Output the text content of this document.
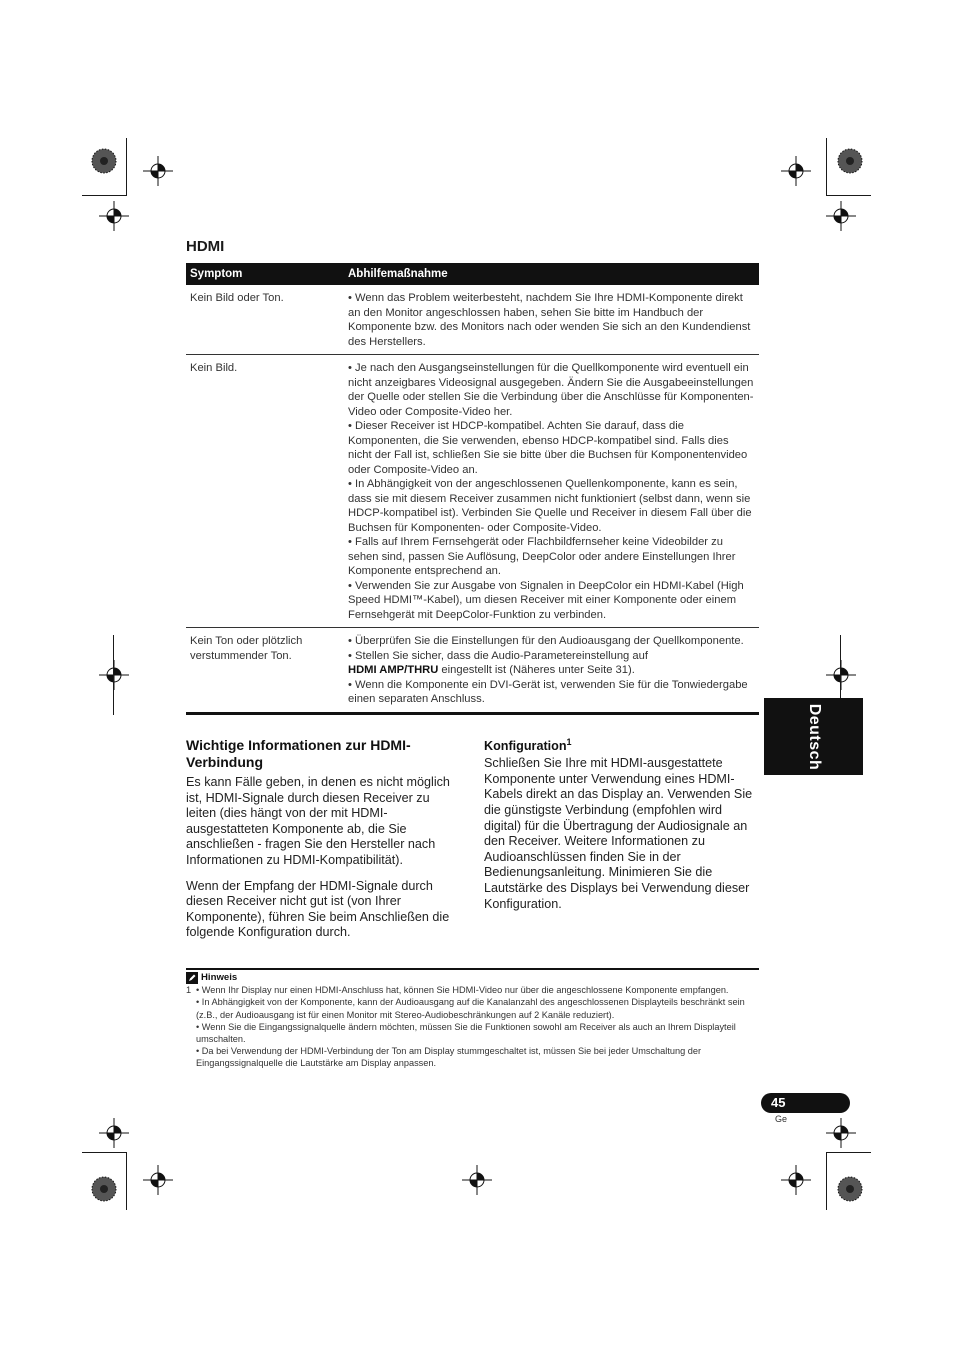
HDMI
Symptom	Abhilfemaßnahme
Kein Bild oder Ton.	• Wenn das Problem weiterbesteht, nachdem Sie Ihre HDMI-Komponente direkt an den Monitor angeschlossen haben, sehen Sie bitte im Handbuch der Komponente bzw. des Monitors nach oder wenden Sie sich an den Kundendienst des Herstellers.

Kein Bild.	• Je nach den Ausgangseinstellungen für die Quellkomponente wird eventuell ein nicht anzeigbares Videosignal ausgegeben. Ändern Sie die Ausgabeeinstellungen der Quelle oder stellen Sie die Verbindung über die Anschlüsse für Komponenten-Video oder Composite-Video her.
• Dieser Receiver ist HDCP-kompatibel. Achten Sie darauf, dass die Komponenten, die Sie verwenden, ebenso HDCP-kompatibel sind. Falls dies nicht der Fall ist, schließen Sie sie bitte über die Buchsen für Komponentenvideo oder Composite-Video an.
• In Abhängigkeit von der angeschlossenen Quellenkomponente, kann es sein, dass sie mit diesem Receiver zusammen nicht funktioniert (selbst dann, wenn sie HDCP-kompatibel ist). Verbinden Sie Quelle und Receiver in diesem Fall über die Buchsen für Komponenten- oder Composite-Video.
• Falls auf Ihrem Fernsehgerät oder Flachbildfernseher keine Videobilder zu sehen sind, passen Sie Auflösung, DeepColor oder andere Einstellungen Ihrer Komponente entsprechend an.
• Verwenden Sie zur Ausgabe von Signalen in DeepColor ein HDMI-Kabel (High Speed HDMI™-Kabel), um diesen Receiver mit einer Komponente oder einem Fernsehgerät mit DeepColor-Funktion zu verbinden.

Kein Ton oder plötzlich verstummender Ton.	• Überprüfen Sie die Einstellungen für den Audioausgang der Quellkomponente.
• Stellen Sie sicher, dass die Audio-Parametereinstellung auf
HDMI AMP/THRU eingestellt ist (Näheres unter Seite 31).
• Wenn die Komponente ein DVI-Gerät ist, verwenden Sie für die Tonwiedergabe einen separaten Anschluss.
Deutsch
Wichtige Informationen zur HDMI-Verbindung

Es kann Fälle geben, in denen es nicht möglich ist, HDMI-Signale durch diesen Receiver zu leiten (dies hängt von der mit HDMI-ausgestatteten Komponente ab, die Sie anschließen - fragen Sie den Hersteller nach Informationen zu HDMI-Kompatibilität).

Wenn der Empfang der HDMI-Signale durch diesen Receiver nicht gut ist (von Ihrer Komponente), führen Sie beim Anschließen die folgende Konfiguration durch.

Konfiguration$^1$

Schließen Sie Ihre mit HDMI-ausgestattete Komponente unter Verwendung eines HDMI-Kabels direkt an das Display an. Verwenden Sie die günstigste Verbindung (empfohlen wird digital) für die Übertragung der Audiosignale an den Receiver. Weitere Informationen zu Audioanschlüssen finden Sie in der Bedienungsanleitung. Minimieren Sie die Lautstärke des Displays bei Verwendung dieser Konfiguration.

Hinweis
1 • Wenn Ihr Display nur einen HDMI-Anschluss hat, können Sie HDMI-Video nur über die angeschlossene Komponente empfangen.
• In Abhängigkeit von der Komponente, kann der Audioausgang auf die Kanalanzahl des angeschlossenen Displayteils beschränkt sein (z.B., der Audioausgang ist für einen Monitor mit Stereo-Audiobeschränkungen auf 2 Kanäle reduziert).
• Wenn Sie die Eingangssignalquelle ändern möchten, müssen Sie die Funktionen sowohl am Receiver als auch an Ihrem Displayteil umschalten.
• Da bei Verwendung der HDMI-Verbindung der Ton am Display stummgeschaltet ist, müssen Sie bei jeder Umschaltung der Eingangssignalquelle die Lautstärke am Display anpassen.
45
Ge
